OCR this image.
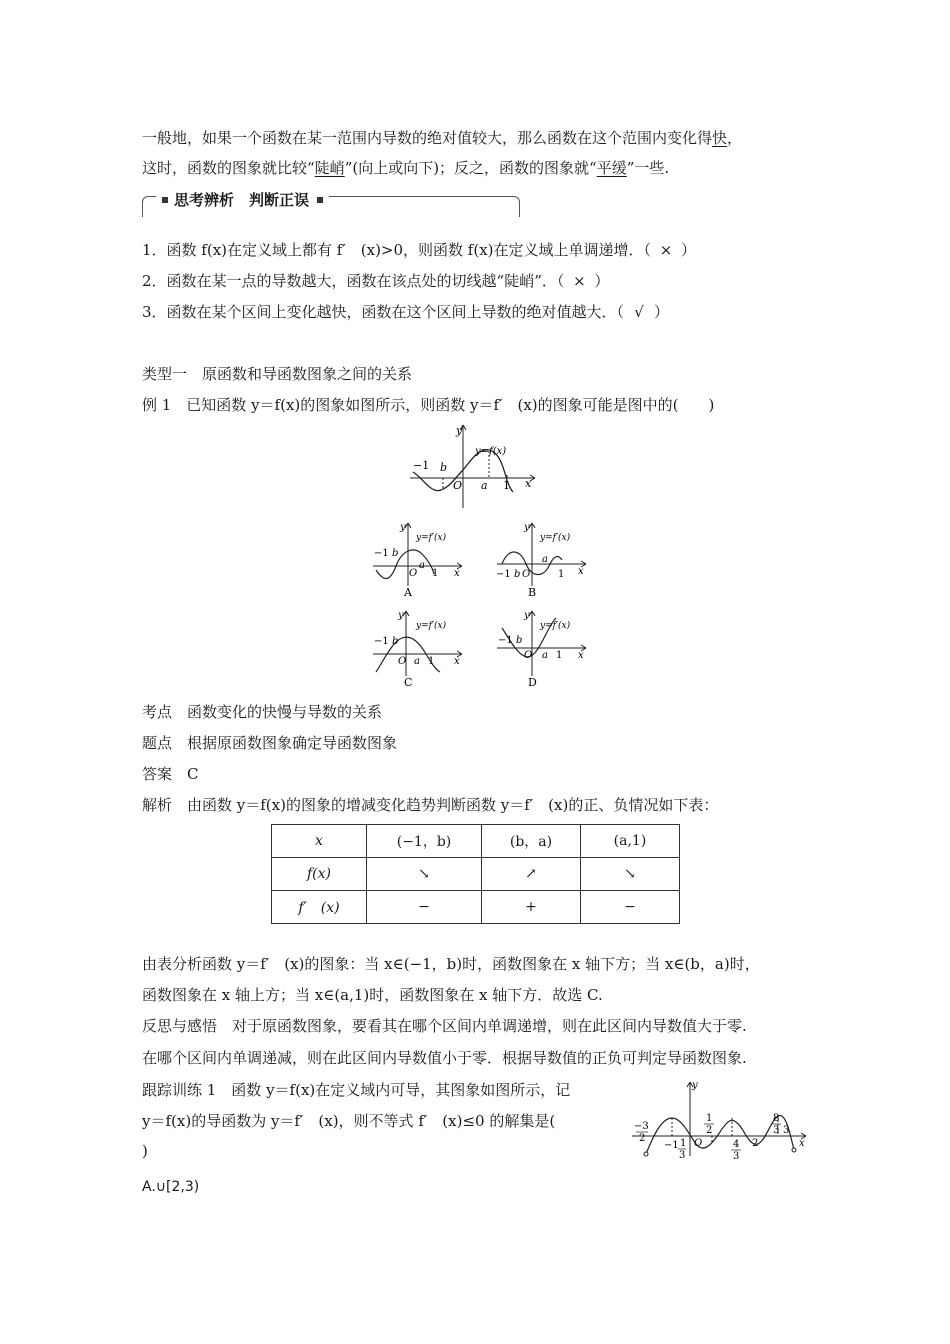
一般地，如果一个函数在某一范围内导数的绝对值较大，那么函数在这个范围内变化得快，
这时，函数的图象就比较“陡峭”(向上或向下)；反之，函数的图象就“平缓”一些.
思考辨析　判断正误
1．函数 f(x)在定义域上都有 f′　(x)>0，则函数 f(x)在定义域上单调递增．（ × ）
2．函数在某一点的导数越大，函数在该点处的切线越“陡峭”．（ × ）
3．函数在某个区间上变化越快，函数在这个区间上导数的绝对值越大．（ √ ）
类型一　原函数和导函数图象之间的关系
例 1　已知函数 y＝f(x)的图象如图所示，则函数 y＝f′　(x)的图象可能是图中的(　　)
y
x
y=f(x)
−1 b
O a 1
y
x
y=f′(x)
−1 b
O
a
1
A
y
x
y=f′(x)
−1 b O
a
1
B
y
x
y=f′(x)
−1 b
O a 1
C
y
x
y=f′(x)
−1 b
O a 1
D
考点　函数变化的快慢与导数的关系
题点　根据原函数图象确定导函数图象
答案　C
解析　由函数 y＝f(x)的图象的增减变化趋势判断函数 y＝f′　(x)的正、负情况如下表：
x	(−1，b)	(b，a)	(a,1)
f(x)	↘	↗	↘
f′　(x)	−	+	−
由表分析函数 y＝f′　(x)的图象：当 x∈(−1，b)时，函数图象在 x 轴下方；当 x∈(b，a)时，
函数图象在 x 轴上方；当 x∈(a,1)时，函数图象在 x 轴下方．故选 C.
反思与感悟　对于原函数图象，要看其在哪个区间内单调递增，则在此区间内导数值大于零.
在哪个区间内单调递减，则在此区间内导数值小于零．根据导数值的正负可判定导函数图象.
跟踪训练 1　函数 y＝f(x)在定义域内可导，其图象如图所示，记
y＝f(x)的导函数为 y＝f′　(x)，则不等式 f′　(x)≤0 的解集是(
)
A.∪[2,3)
y
x
−3
2
−1 1
3
O
1
2
4
3
2
8
3 3
